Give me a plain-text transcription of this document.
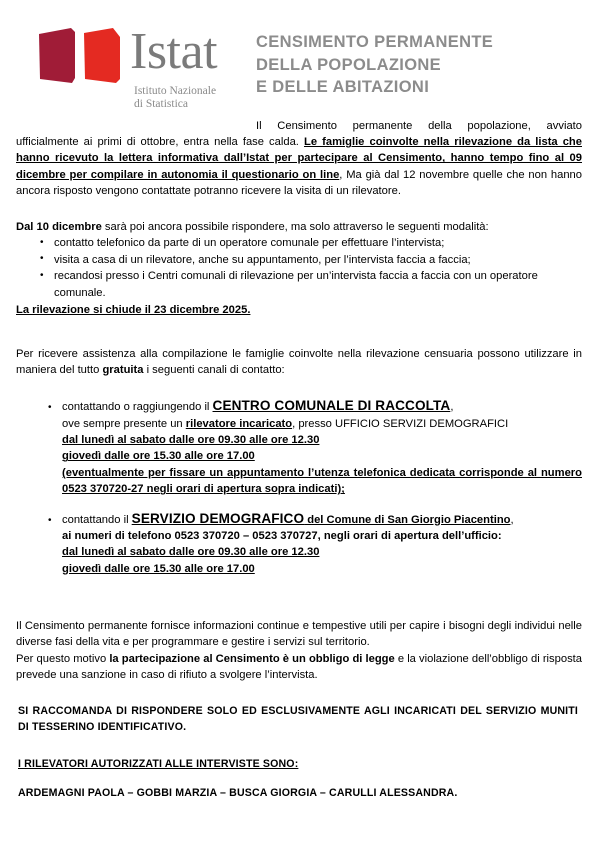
Istat
Istituto Nazionale
di Statistica
CENSIMENTO PERMANENTE
DELLA POPOLAZIONE
E DELLE ABITAZIONI

Il Censimento permanente della popolazione, avviato ufficialmente ai primi di ottobre, entra nella fase calda. Le famiglie coinvolte nella rilevazione da lista che hanno ricevuto la lettera informativa dall’Istat per partecipare al Censimento, hanno tempo fino al 09 dicembre per compilare in autonomia il questionario on line, Ma già dal 12 novembre quelle che non hanno ancora risposto vengono contattate potranno ricevere la visita di un rilevatore.

Dal 10 dicembre sarà poi ancora possibile rispondere, ma solo attraverso le seguenti modalità:

• contatto telefonico da parte di un operatore comunale per effettuare l’intervista;
• visita a casa di un rilevatore, anche su appuntamento, per l’intervista faccia a faccia;
• recandosi presso i Centri comunali di rilevazione per un’intervista faccia a faccia con un operatore comunale.

La rilevazione si chiude il 23 dicembre 2025.

Per ricevere assistenza alla compilazione le famiglie coinvolte nella rilevazione censuaria possono utilizzare in maniera del tutto gratuita i seguenti canali di contatto:

• contattando o raggiungendo il CENTRO COMUNALE DI RACCOLTA,
ove sempre presente un rilevatore incaricato, presso UFFICIO SERVIZI DEMOGRAFICI
dal lunedì al sabato dalle ore 09.30 alle ore 12.30
giovedì dalle ore 15.30 alle ore 17.00
(eventualmente per fissare un appuntamento l’utenza telefonica dedicata corrisponde al numero 0523 370720-27 negli orari di apertura sopra indicati);
• contattando il SERVIZIO DEMOGRAFICO del Comune di San Giorgio Piacentino,
ai numeri di telefono 0523 370720 – 0523 370727, negli orari di apertura dell’ufficio:
dal lunedì al sabato dalle ore 09.30 alle ore 12.30
giovedì dalle ore 15.30 alle ore 17.00

Il Censimento permanente fornisce informazioni continue e tempestive utili per capire i bisogni degli individui nelle diverse fasi della vita e per programmare e gestire i servizi sul territorio.

Per questo motivo la partecipazione al Censimento è un obbligo di legge e la violazione dell’obbligo di risposta prevede una sanzione in caso di rifiuto a svolgere l’intervista.

SI RACCOMANDA DI RISPONDERE SOLO ED ESCLUSIVAMENTE AGLI INCARICATI DEL SERVIZIO MUNITI DI TESSERINO IDENTIFICATIVO.

I RILEVATORI AUTORIZZATI ALLE INTERVISTE SONO:

ARDEMAGNI PAOLA – GOBBI MARZIA – BUSCA GIORGIA – CARULLI ALESSANDRA.
